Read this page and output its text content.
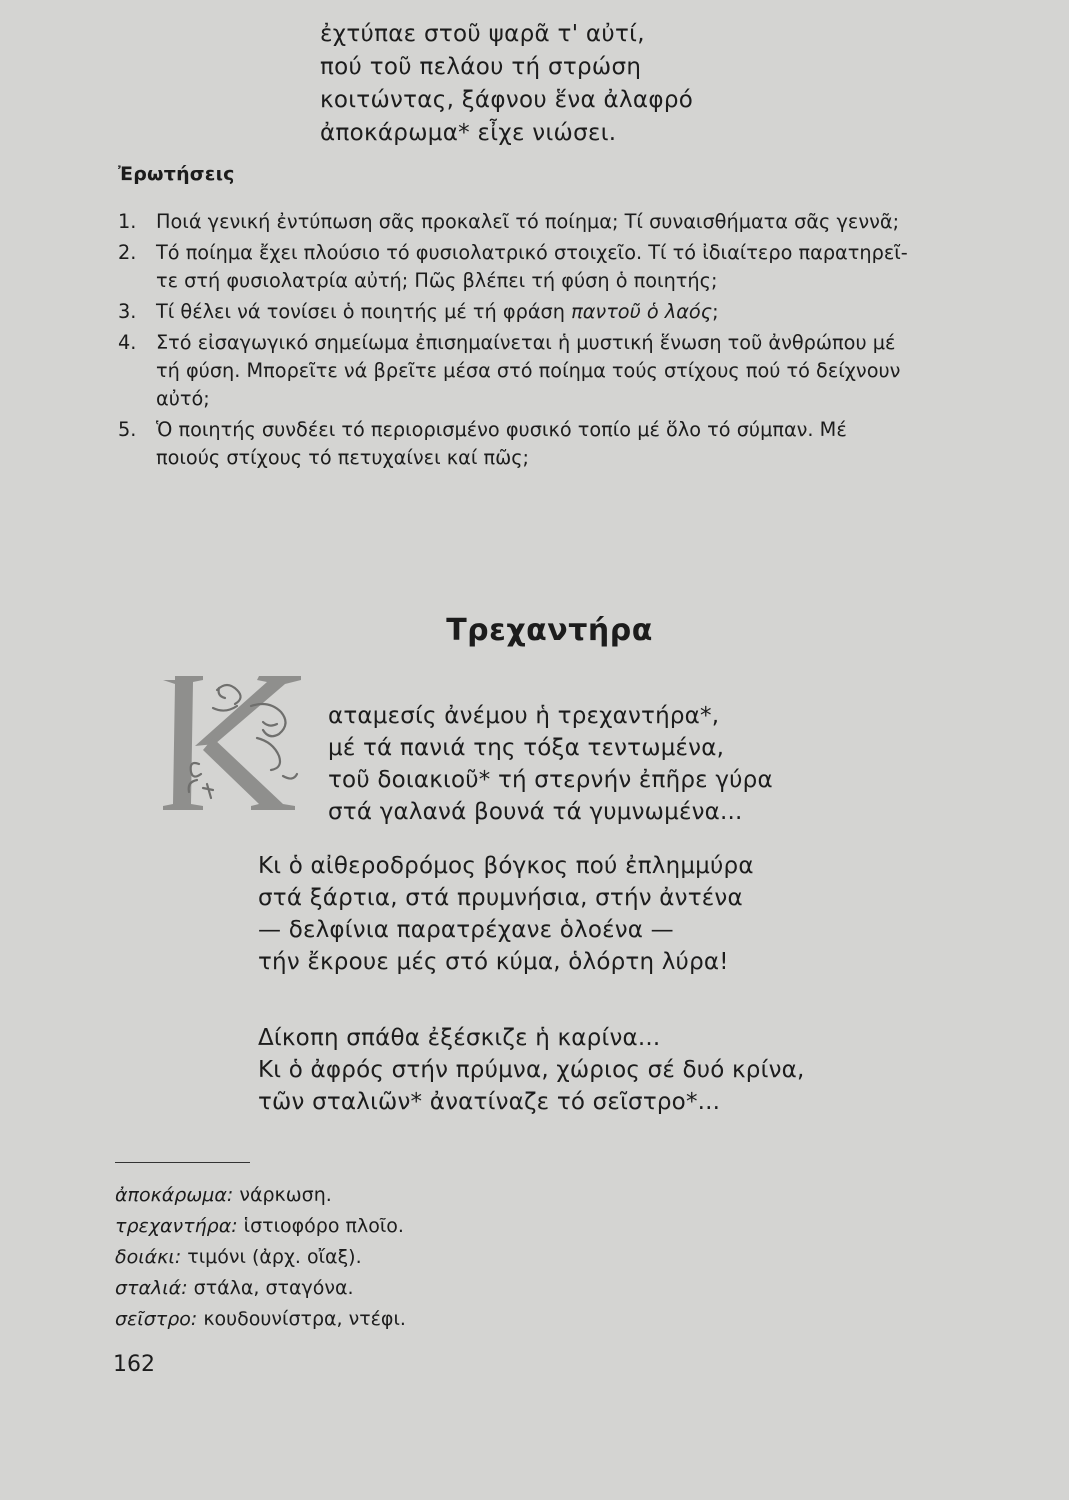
ἐχτύπαε στοῦ ψαρᾶ τ' αὐτί,
πού τοῦ πελάου τή στρώση
κοιτώντας, ξάφνου ἕνα ἀλαφρό
ἀποκάρωμα* εἶχε νιώσει.
Ἐρωτήσεις
1. Ποιά γενική ἐντύπωση σᾶς προκαλεῖ τό ποίημα; Τί συναισθήματα σᾶς γεννᾶ;
2. Τό ποίημα ἔχει πλούσιο τό φυσιολατρικό στοιχεῖο. Τί τό ἰδιαίτερο παρατηρεῖ-
τε στή φυσιολατρία αὐτή; Πῶς βλέπει τή φύση ὁ ποιητής;
3. Τί θέλει νά τονίσει ὁ ποιητής μέ τή φράση παντοῦ ὁ λαός;
4. Στό εἰσαγωγικό σημείωμα ἐπισημαίνεται ἡ μυστική ἕνωση τοῦ ἀνθρώπου μέ
τή φύση. Μπορεῖτε νά βρεῖτε μέσα στό ποίημα τούς στίχους πού τό δείχνουν
αὐτό;
5. Ὁ ποιητής συνδέει τό περιορισμένο φυσικό τοπίο μέ ὅλο τό σύμπαν. Μέ
ποιούς στίχους τό πετυχαίνει καί πῶς;
Τρεχαντήρα
αταμεσίς ἀνέμου ἡ τρεχαντήρα*,
μέ τά πανιά της τόξα τεντωμένα,
τοῦ δοιακιοῦ* τή στερνήν ἐπῆρε γύρα
στά γαλανά βουνά τά γυμνωμένα...
Κι ὁ αἰθεροδρόμος βόγκος πού ἐπλημμύρα
στά ξάρτια, στά πρυμνήσια, στήν ἀντένα
— δελφίνια παρατρέχανε ὁλοένα —
τήν ἔκρουε μές στό κύμα, ὁλόρτη λύρα!
Δίκοπη σπάθα ἐξέσκιζε ἡ καρίνα...
Κι ὁ ἀφρός στήν πρύμνα, χώριος σέ δυό κρίνα,
τῶν σταλιῶν* ἀνατίναζε τό σεῖστρο*...
ἀποκάρωμα: νάρκωση.
τρεχαντήρα: ἱστιοφόρο πλοῖο.
δοιάκι: τιμόνι (ἀρχ. οἴαξ).
σταλιά: στάλα, σταγόνα.
σεῖστρο: κουδουνίστρα, ντέφι.
162
